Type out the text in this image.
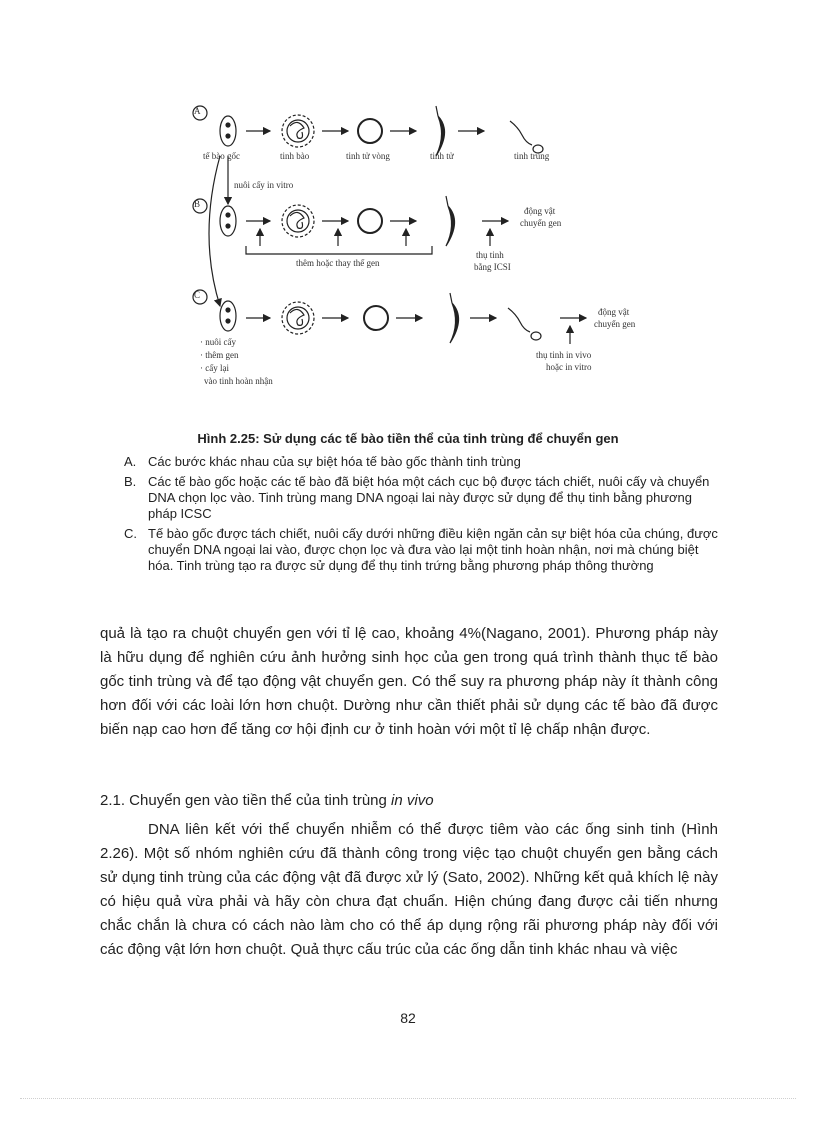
A
B
C
tế bào gốc	tinh bào	tinh tử vòng	tinh tử	tinh trùng
nuôi cấy in vitro
động vật
chuyển gen
thêm hoặc thay thế gen
thụ tinh
bằng ICSI
động vật
chuyển gen
· nuôi cấy
· thêm gen
· cấy lại
vào tinh hoàn nhận
thụ tinh in vivo
hoặc in vitro
Hình 2.25: Sử dụng các tế bào tiền thể của tinh trùng để chuyển gen
A. Các bước khác nhau của sự biệt hóa tế bào gốc thành tinh trùng
B. Các tế bào gốc hoặc các tế bào đã biệt hóa một cách cục bộ được tách chiết, nuôi cấy và chuyển DNA chọn lọc vào. Tinh trùng mang DNA ngoại lai này được sử dụng để thụ tinh bằng phương pháp ICSC
C. Tế bào gốc được tách chiết, nuôi cấy dưới những điều kiện ngăn cản sự biệt hóa của chúng, được chuyển DNA ngoại lai vào, được chọn lọc và đưa vào lại một tinh hoàn nhận, nơi mà chúng biệt hóa. Tinh trùng tạo ra được sử dụng để thụ tinh trứng bằng phương pháp thông thường

quả là tạo ra chuột chuyển gen với tỉ lệ cao, khoảng 4%(Nagano, 2001). Phương pháp này là hữu dụng để nghiên cứu ảnh hưởng sinh học của gen trong quá trình thành thục tế bào gốc tinh trùng và để tạo động vật chuyển gen. Có thể suy ra phương pháp này ít thành công hơn đối với các loài lớn hơn chuột. Dường như cần thiết phải sử dụng các tế bào đã được biến nạp cao hơn để tăng cơ hội định cư ở tinh hoàn với một tỉ lệ chấp nhận được.

2.1. Chuyển gen vào tiền thể của tinh trùng in vivo

DNA liên kết với thể chuyển nhiễm có thể được tiêm vào các ống sinh tinh (Hình 2.26). Một số nhóm nghiên cứu đã thành công trong việc tạo chuột chuyển gen bằng cách sử dụng tinh trùng của các động vật đã được xử lý (Sato, 2002). Những kết quả khích lệ này có hiệu quả vừa phải và hãy còn chưa đạt chuẩn. Hiện chúng đang được cải tiến nhưng chắc chắn là chưa có cách nào làm cho có thể áp dụng rộng rãi phương pháp này đối với các động vật lớn hơn chuột. Quả thực cấu trúc của các ống dẫn tinh khác nhau và việc

82
